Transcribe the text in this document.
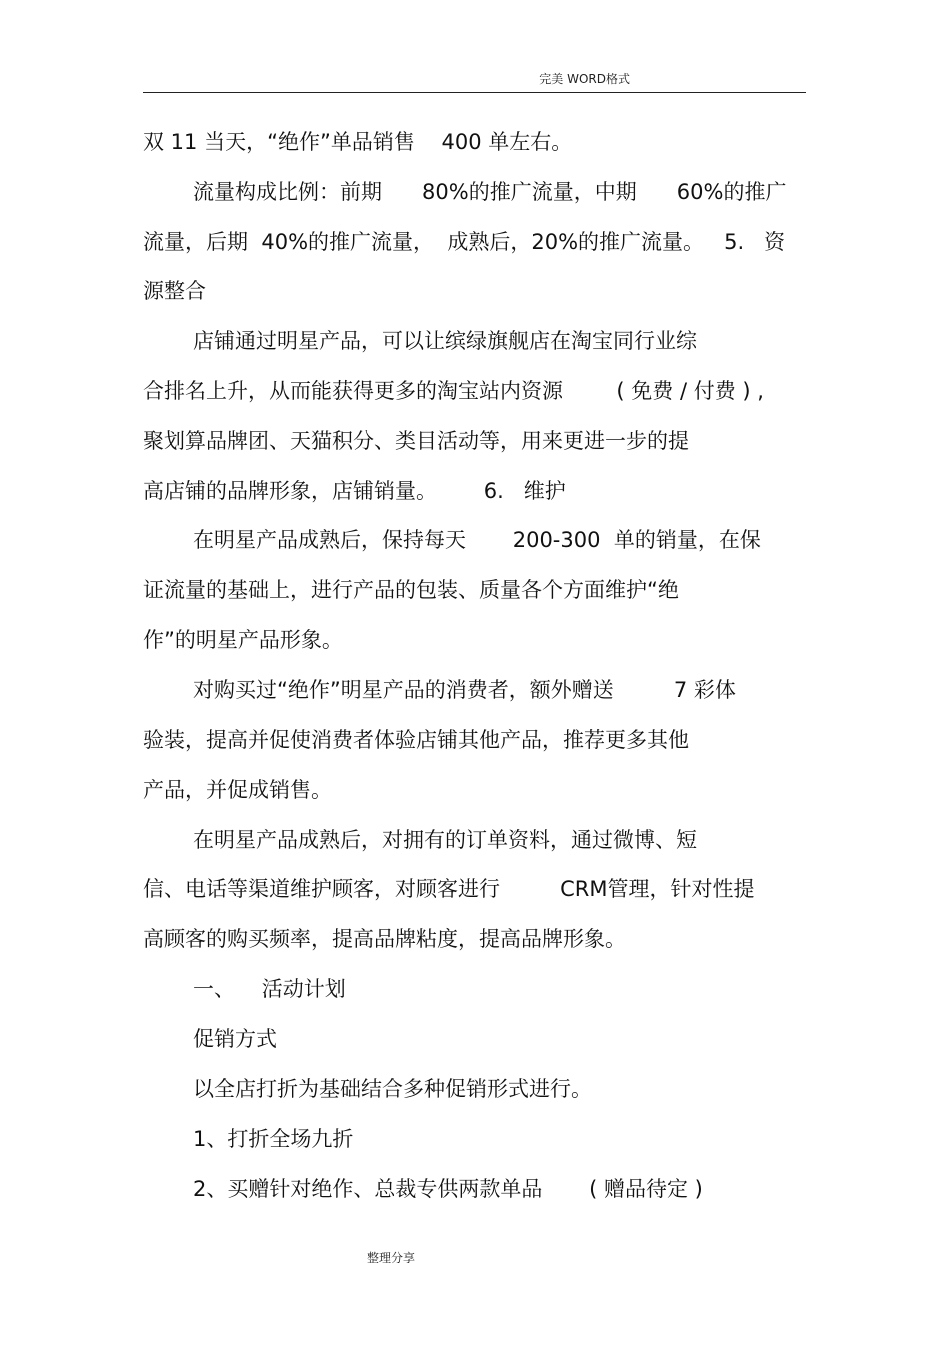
完美 WORD格式
双 11 当天，“绝作”单品销售    400 单左右。
流量构成比例：前期      80%的推广流量，中期      60%的推广
流量，后期  40%的推广流量，  成熟后，20%的推广流量。   5.   资
源整合
店铺通过明星产品，可以让缤绿旗舰店在淘宝同行业综
合排名上升，从而能获得更多的淘宝站内资源        ( 免费 / 付费 ) ,
聚划算品牌团、天猫积分、类目活动等，用来更进一步的提
高店铺的品牌形象，店铺销量。       6.   维护
在明星产品成熟后，保持每天       200-300  单的销量，在保
证流量的基础上，进行产品的包装、质量各个方面维护“绝
作”的明星产品形象。
对购买过“绝作”明星产品的消费者，额外赠送         7 彩体
验装，提高并促使消费者体验店铺其他产品，推荐更多其他
产品，并促成销售。
在明星产品成熟后，对拥有的订单资料，通过微博、短
信、电话等渠道维护顾客，对顾客进行         CRM管理，针对性提
高顾客的购买频率，提高品牌粘度，提高品牌形象。
一、    活动计划
促销方式
以全店打折为基础结合多种促销形式进行。
1、打折全场九折
2、买赠针对绝作、总裁专供两款单品       ( 赠品待定 )
整理分享
